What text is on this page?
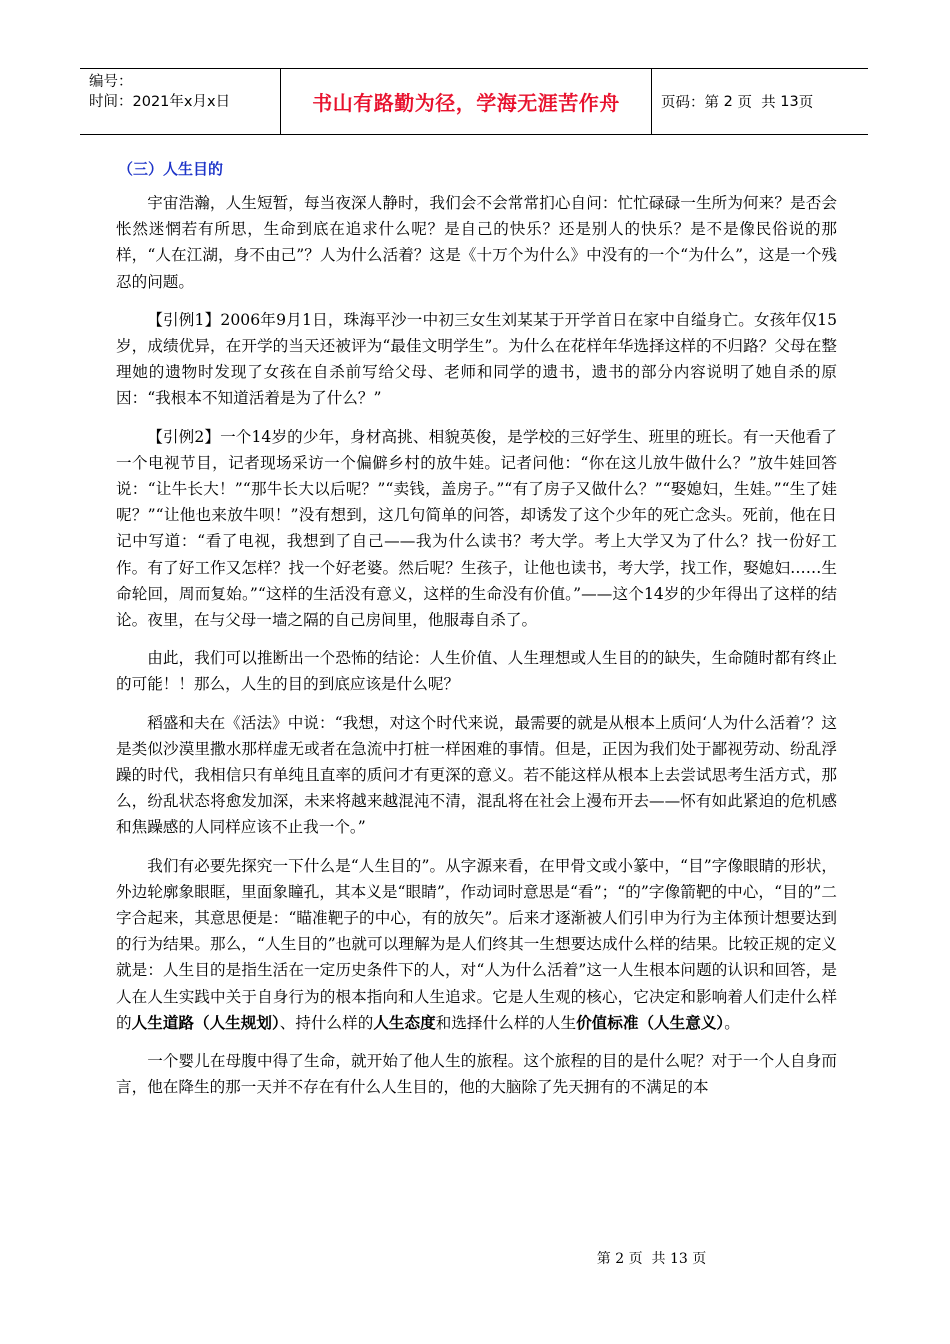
编号：
时间：2021年x月x日	书山有路勤为径，学海无涯苦作舟	页码：第
2
页  共
13 页
（三）人生目的

宇宙浩瀚，人生短暂，每当夜深人静时，我们会不会常常扪心自问：忙忙碌碌一生所为何来？是否会怅然迷惘若有所思，生命到底在追求什么呢？是自己的快乐？还是别人的快乐？是不是像民俗说的那样，“人在江湖，身不由己”？人为什么活着？这是《十万个为什么》中没有的一个“为什么”，这是一个残忍的问题。

【引例1】2006年9月1日，珠海平沙一中初三女生刘某某于开学首日在家中自缢身亡。女孩年仅15岁，成绩优异，在开学的当天还被评为“最佳文明学生”。为什么在花样年华选择这样的不归路？父母在整理她的遗物时发现了女孩在自杀前写给父母、老师和同学的遗书，遗书的部分内容说明了她自杀的原因：“我根本不知道活着是为了什么？”

【引例2】一个14岁的少年，身材高挑、相貌英俊，是学校的三好学生、班里的班长。有一天他看了一个电视节目，记者现场采访一个偏僻乡村的放牛娃。记者问他：“你在这儿放牛做什么？”放牛娃回答说：“让牛长大！”“那牛长大以后呢？”“卖钱，盖房子。”“有了房子又做什么？”“娶媳妇，生娃。”“生了娃呢？”“让他也来放牛呗！”没有想到，这几句简单的问答，却诱发了这个少年的死亡念头。死前，他在日记中写道：“看了电视，我想到了自己——我为什么读书？考大学。考上大学又为了什么？找一份好工作。有了好工作又怎样？找一个好老婆。然后呢？生孩子，让他也读书，考大学，找工作，娶媳妇……生命轮回，周而复始。”“这样的生活没有意义，这样的生命没有价值。”——这个14岁的少年得出了这样的结论。夜里，在与父母一墙之隔的自己房间里，他服毒自杀了。

由此，我们可以推断出一个恐怖的结论：人生价值、人生理想或人生目的的缺失，生命随时都有终止的可能！！那么，人生的目的到底应该是什么呢？

稻盛和夫在《活法》中说：“我想，对这个时代来说，最需要的就是从根本上质问‘人为什么活着’？这是类似沙漠里撒水那样虚无或者在急流中打桩一样困难的事情。但是，正因为我们处于鄙视劳动、纷乱浮躁的时代，我相信只有单纯且直率的质问才有更深的意义。若不能这样从根本上去尝试思考生活方式，那么，纷乱状态将愈发加深，未来将越来越混沌不清，混乱将在社会上漫布开去——怀有如此紧迫的危机感和焦躁感的人同样应该不止我一个。”

我们有必要先探究一下什么是“人生目的”。从字源来看，在甲骨文或小篆中，“目”字像眼睛的形状，外边轮廓象眼眶，里面象瞳孔，其本义是“眼睛”，作动词时意思是“看”；“的”字像箭靶的中心，“目的”二字合起来，其意思便是：“瞄准靶子的中心，有的放矢”。后来才逐渐被人们引申为行为主体预计想要达到的行为结果。那么，“人生目的”也就可以理解为是人们终其一生想要达成什么样的结果。比较正规的定义就是：人生目的是指生活在一定历史条件下的人，对“人为什么活着”这一人生根本问题的认识和回答，是人在人生实践中关于自身行为的根本指向和人生追求。它是人生观的核心，它决定和影响着人们走什么样的人生道路（人生规划）、持什么样的人生态度和选择什么样的人生价值标准（人生意义）。

一个婴儿在母腹中得了生命，就开始了他人生的旅程。这个旅程的目的是什么呢？对于一个人自身而言，他在降生的那一天并不存在有什么人生目的，他的大脑除了先天拥有的不满足的本

第 2 页  共 13 页
